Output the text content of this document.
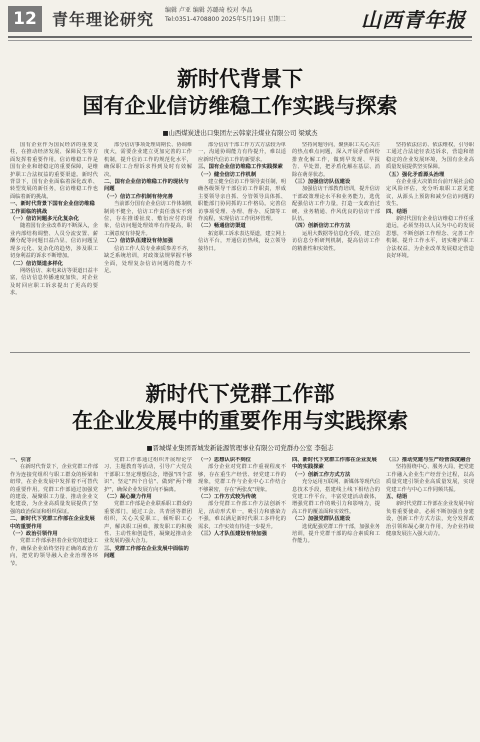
12 青年理论研究 编辑 卢亚 编辑 苏璐琦 校对 李品
Tel:0351-4708800 2025年5月19日 星期二	山西青年报
新时代背景下
国有企业信访维稳工作实践与探索
■山西煤炭进出口集团左云韩家洼煤业有限公司 梁斌杰

国有企业作为国民经济的重要支柱，在推动经济发展、保障民生等方面发挥着重要作用。信访维稳工作是国有企业和谐稳定的重要保障，是维护职工合法权益的重要渠道。新时代背景下，国有企业面临着深化改革、转型发展的新任务，信访维稳工作也面临着新的挑战。

一、新时代背景下国有企业信访维稳工作面临的挑战

（一）信访问题多元化复杂化

随着国有企业改革的不断深入，企业内部结构调整、人员分流安置、薪酬分配等问题日益凸显，信访问题呈现多元化、复杂化的趋势，涉及职工切身利益的诉求不断增加。

（二）信访渠道多样化

网络信访、来电来访等渠道日益丰富，信访信息传播速度加快，对企业及时回应职工诉求提出了更高的要求。

部分信访事项处理周期长、协调难度大，需要企业建立更加完善的工作机制，提升信访工作的规范化水平，确保职工合理诉求得到及时有效解决。

二、国有企业信访维稳工作的现状与问题

（一）信访工作机制有待完善

当前部分国有企业信访工作体制机制尚不健全，信访工作责任落实不到位，存在推诿扯皮、敷衍应付的现象，信访问题处理效率有待提高，职工满意度有待提升。

（二）信访队伍建设有待加强

信访工作人员专业素质参差不齐，缺乏系统培训，对政策法规掌握不够全面，处理复杂信访问题的能力不足。

部分信访干部工作方式方法较为单一，沟通协调能力有待提升，难以适应新时代信访工作的新要求。

三、国有企业信访维稳工作实践探索

（一）健全信访工作机制

建立健全信访工作领导责任制，明确各级领导干部信访工作职责，形成主要领导亲自抓、分管领导具体抓、职能部门协同抓的工作格局。完善信访事项受理、办理、督办、反馈等工作流程，实现信访工作闭环管理。

（二）畅通信访渠道

拓宽职工诉求表达渠道，建立网上信访平台，开通信访热线，设立领导接待日。

坚持问题导向，聚焦职工关心关注的热点难点问题，深入开展矛盾纠纷排查化解工作，做到早发现、早报告、早处置，把矛盾化解在基层、消除在萌芽状态。

（三）加强信访队伍建设

加强信访干部教育培训，提升信访干部政策理论水平和业务能力，选优配强信访工作力量，打造一支政治过硬、业务精通、作风优良的信访干部队伍。

（四）创新信访工作方法

运用大数据等信息化手段，建立信访信息分析研判机制，提高信访工作的精准性和实效性。

坚持依法信访、依法维权，引导职工通过合法途径表达诉求，营造和谐稳定的企业发展环境，为国有企业高质量发展提供坚实保障。

（五）强化矛盾源头治理

在企业重大决策出台前开展社会稳定风险评估，充分听取职工意见建议，从源头上预防和减少信访问题的发生。

四、结语

新时代国有企业信访维稳工作任重道远，必须坚持以人民为中心的发展思想，不断创新工作理念、完善工作机制、提升工作水平，切实维护职工合法权益，为企业改革发展稳定营造良好环境。

新时代下党群工作部
在企业发展中的重要作用与实践探索
■晋城煤业集团晋城发新能源管理事业有限公司党群办公室 李强志

一、引言

在新时代背景下，企业党群工作部作为连接党组织与职工群众的桥梁和纽带，在企业发展中发挥着不可替代的重要作用。党群工作部通过加强党的建设、凝聚职工力量、推动企业文化建设，为企业高质量发展提供了坚强的政治保证和组织保证。

二、新时代下党群工作部在企业发展中的重要作用

（一）政治引领作用

党群工作部承担着企业党的建设工作，确保企业始终坚持正确的政治方向，把党的领导融入企业治理各环节。

党群工作部通过组织开展理论学习、主题教育等活动，引导广大党员干部职工坚定理想信念，增强"四个意识"、坚定"四个自信"、做到"两个维护"，确保企业发展方向不偏离。

（二）凝心聚力作用

党群工作部是企业联系职工群众的重要部门，通过工会、共青团等群团组织，关心关爱职工，倾听职工心声，解决职工困难，激发职工的积极性、主动性和创造性，凝聚起推动企业发展的强大合力。

三、党群工作部在企业发展中面临的问题

（一）思想认识不到位

部分企业对党群工作重视程度不够，存在重生产经营、轻党建工作的现象，党群工作与企业中心工作结合不够紧密，存在"两张皮"现象。

（二）工作方式较为传统

部分党群工作部工作方法创新不足，活动形式单一，吸引力和感染力不强，难以满足新时代职工多样化的需求，工作实效有待进一步提升。

（三）人才队伍建设有待加强

四、新时代下党群工作部在企业发展中的实践探索

（一）创新工作方式方法

充分运用互联网、新媒体等现代信息技术手段，搭建线上线下相结合的党建工作平台，丰富党建活动载体，增强党群工作的吸引力和影响力，提高工作的覆盖面和实效性。

（二）加强党群队伍建设

选优配强党群工作干部，加强业务培训，提升党群干部的综合素质和工作能力。

（三）推动党建与生产经营深度融合

坚持围绕中心、服务大局，把党建工作融入企业生产经营全过程，以高质量党建引领企业高质量发展，实现党建工作与中心工作同频共振。

五、结语

新时代党群工作部在企业发展中肩负着重要使命，必须不断加强自身建设，创新工作方式方法，充分发挥政治引领和凝心聚力作用，为企业持续健康发展注入强大动力。
